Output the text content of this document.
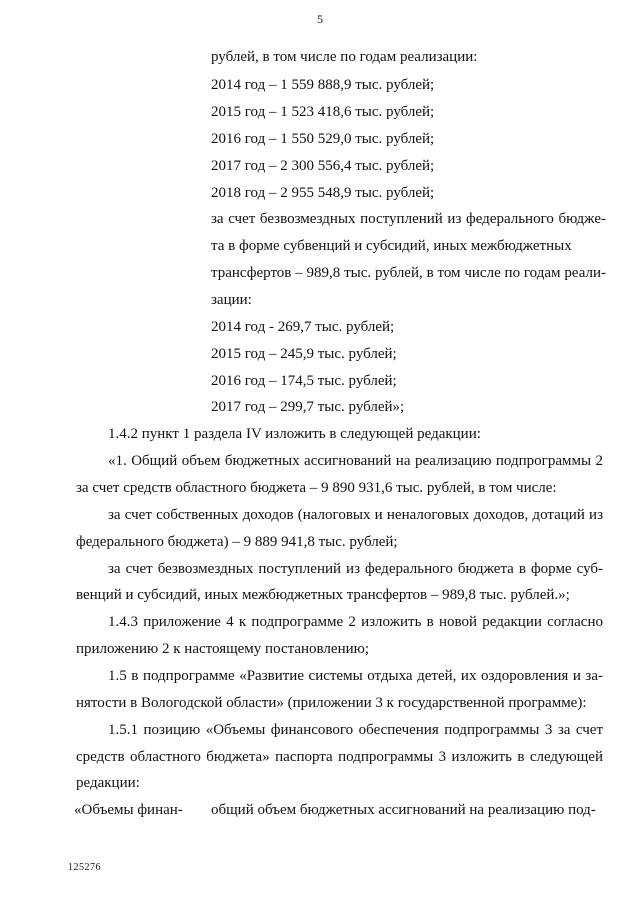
5
рублей, в том числе по годам реализации:
2014 год – 1 559 888,9 тыс. рублей;
2015 год – 1 523 418,6 тыс. рублей;
2016 год – 1 550 529,0 тыс. рублей;
2017 год – 2 300 556,4 тыс. рублей;
2018 год – 2 955 548,9 тыс. рублей;
за счет безвозмездных поступлений из федерального бюдже-
та в форме субвенций и субсидий, иных межбюджетных
трансфертов – 989,8 тыс. рублей, в том числе по годам реали-
зации:
2014 год - 269,7 тыс. рублей;
2015 год – 245,9 тыс. рублей;
2016 год – 174,5 тыс. рублей;
2017 год – 299,7 тыс. рублей»;
1.4.2 пункт 1 раздела IV изложить в следующей редакции:
«1. Общий объем бюджетных ассигнований на реализацию подпрограммы 2
за счет средств областного бюджета – 9 890 931,6 тыс. рублей, в том числе:
за счет собственных доходов (налоговых и неналоговых доходов, дотаций из
федерального бюджета) – 9 889 941,8 тыс. рублей;
за счет безвозмездных поступлений из федерального бюджета в форме суб-
венций и субсидий, иных межбюджетных трансфертов – 989,8 тыс. рублей.»;
1.4.3 приложение 4 к подпрограмме 2 изложить в новой редакции согласно
приложению 2 к настоящему постановлению;
1.5 в подпрограмме «Развитие системы отдыха детей, их оздоровления и за-
нятости в Вологодской области» (приложении 3 к государственной программе):
1.5.1 позицию «Объемы финансового обеспечения подпрограммы 3 за счет
средств областного бюджета» паспорта подпрограммы 3 изложить в следующей
редакции:
«Объемы финан- общий объем бюджетных ассигнований на реализацию под-
125276
